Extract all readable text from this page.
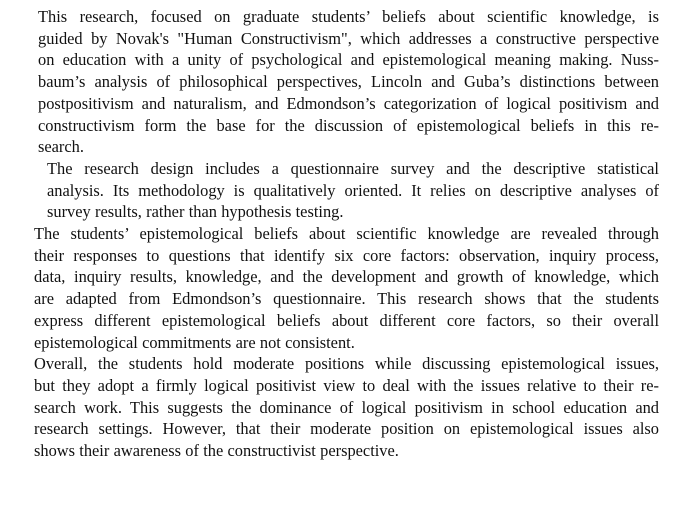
This research, focused on graduate students’ beliefs about scientific knowledge, is
guided by Novak's "Human Constructivism", which addresses a constructive perspective
on education with a unity of psychological and epistemological meaning making. Nuss-
baum’s analysis of philosophical perspectives, Lincoln and Guba’s distinctions between
postpositivism and naturalism, and Edmondson’s categorization of logical positivism and
constructivism form the base for the discussion of epistemological beliefs in this re-
search.
The research design includes a questionnaire survey and the descriptive statistical
analysis. Its methodology is qualitatively oriented. It relies on descriptive analyses of
survey results, rather than hypothesis testing.
The students’ epistemological beliefs about scientific knowledge are revealed through
their responses to questions that identify six core factors: observation, inquiry process,
data, inquiry results, knowledge, and the development and growth of knowledge, which
are adapted from Edmondson’s questionnaire. This research shows that the students
express different epistemological beliefs about different core factors, so their overall
epistemological commitments are not consistent.
Overall, the students hold moderate positions while discussing epistemological issues,
but they adopt a firmly logical positivist view to deal with the issues relative to their re-
search work. This suggests the dominance of logical positivism in school education and
research settings. However, that their moderate position on epistemological issues also
shows their awareness of the constructivist perspective.
